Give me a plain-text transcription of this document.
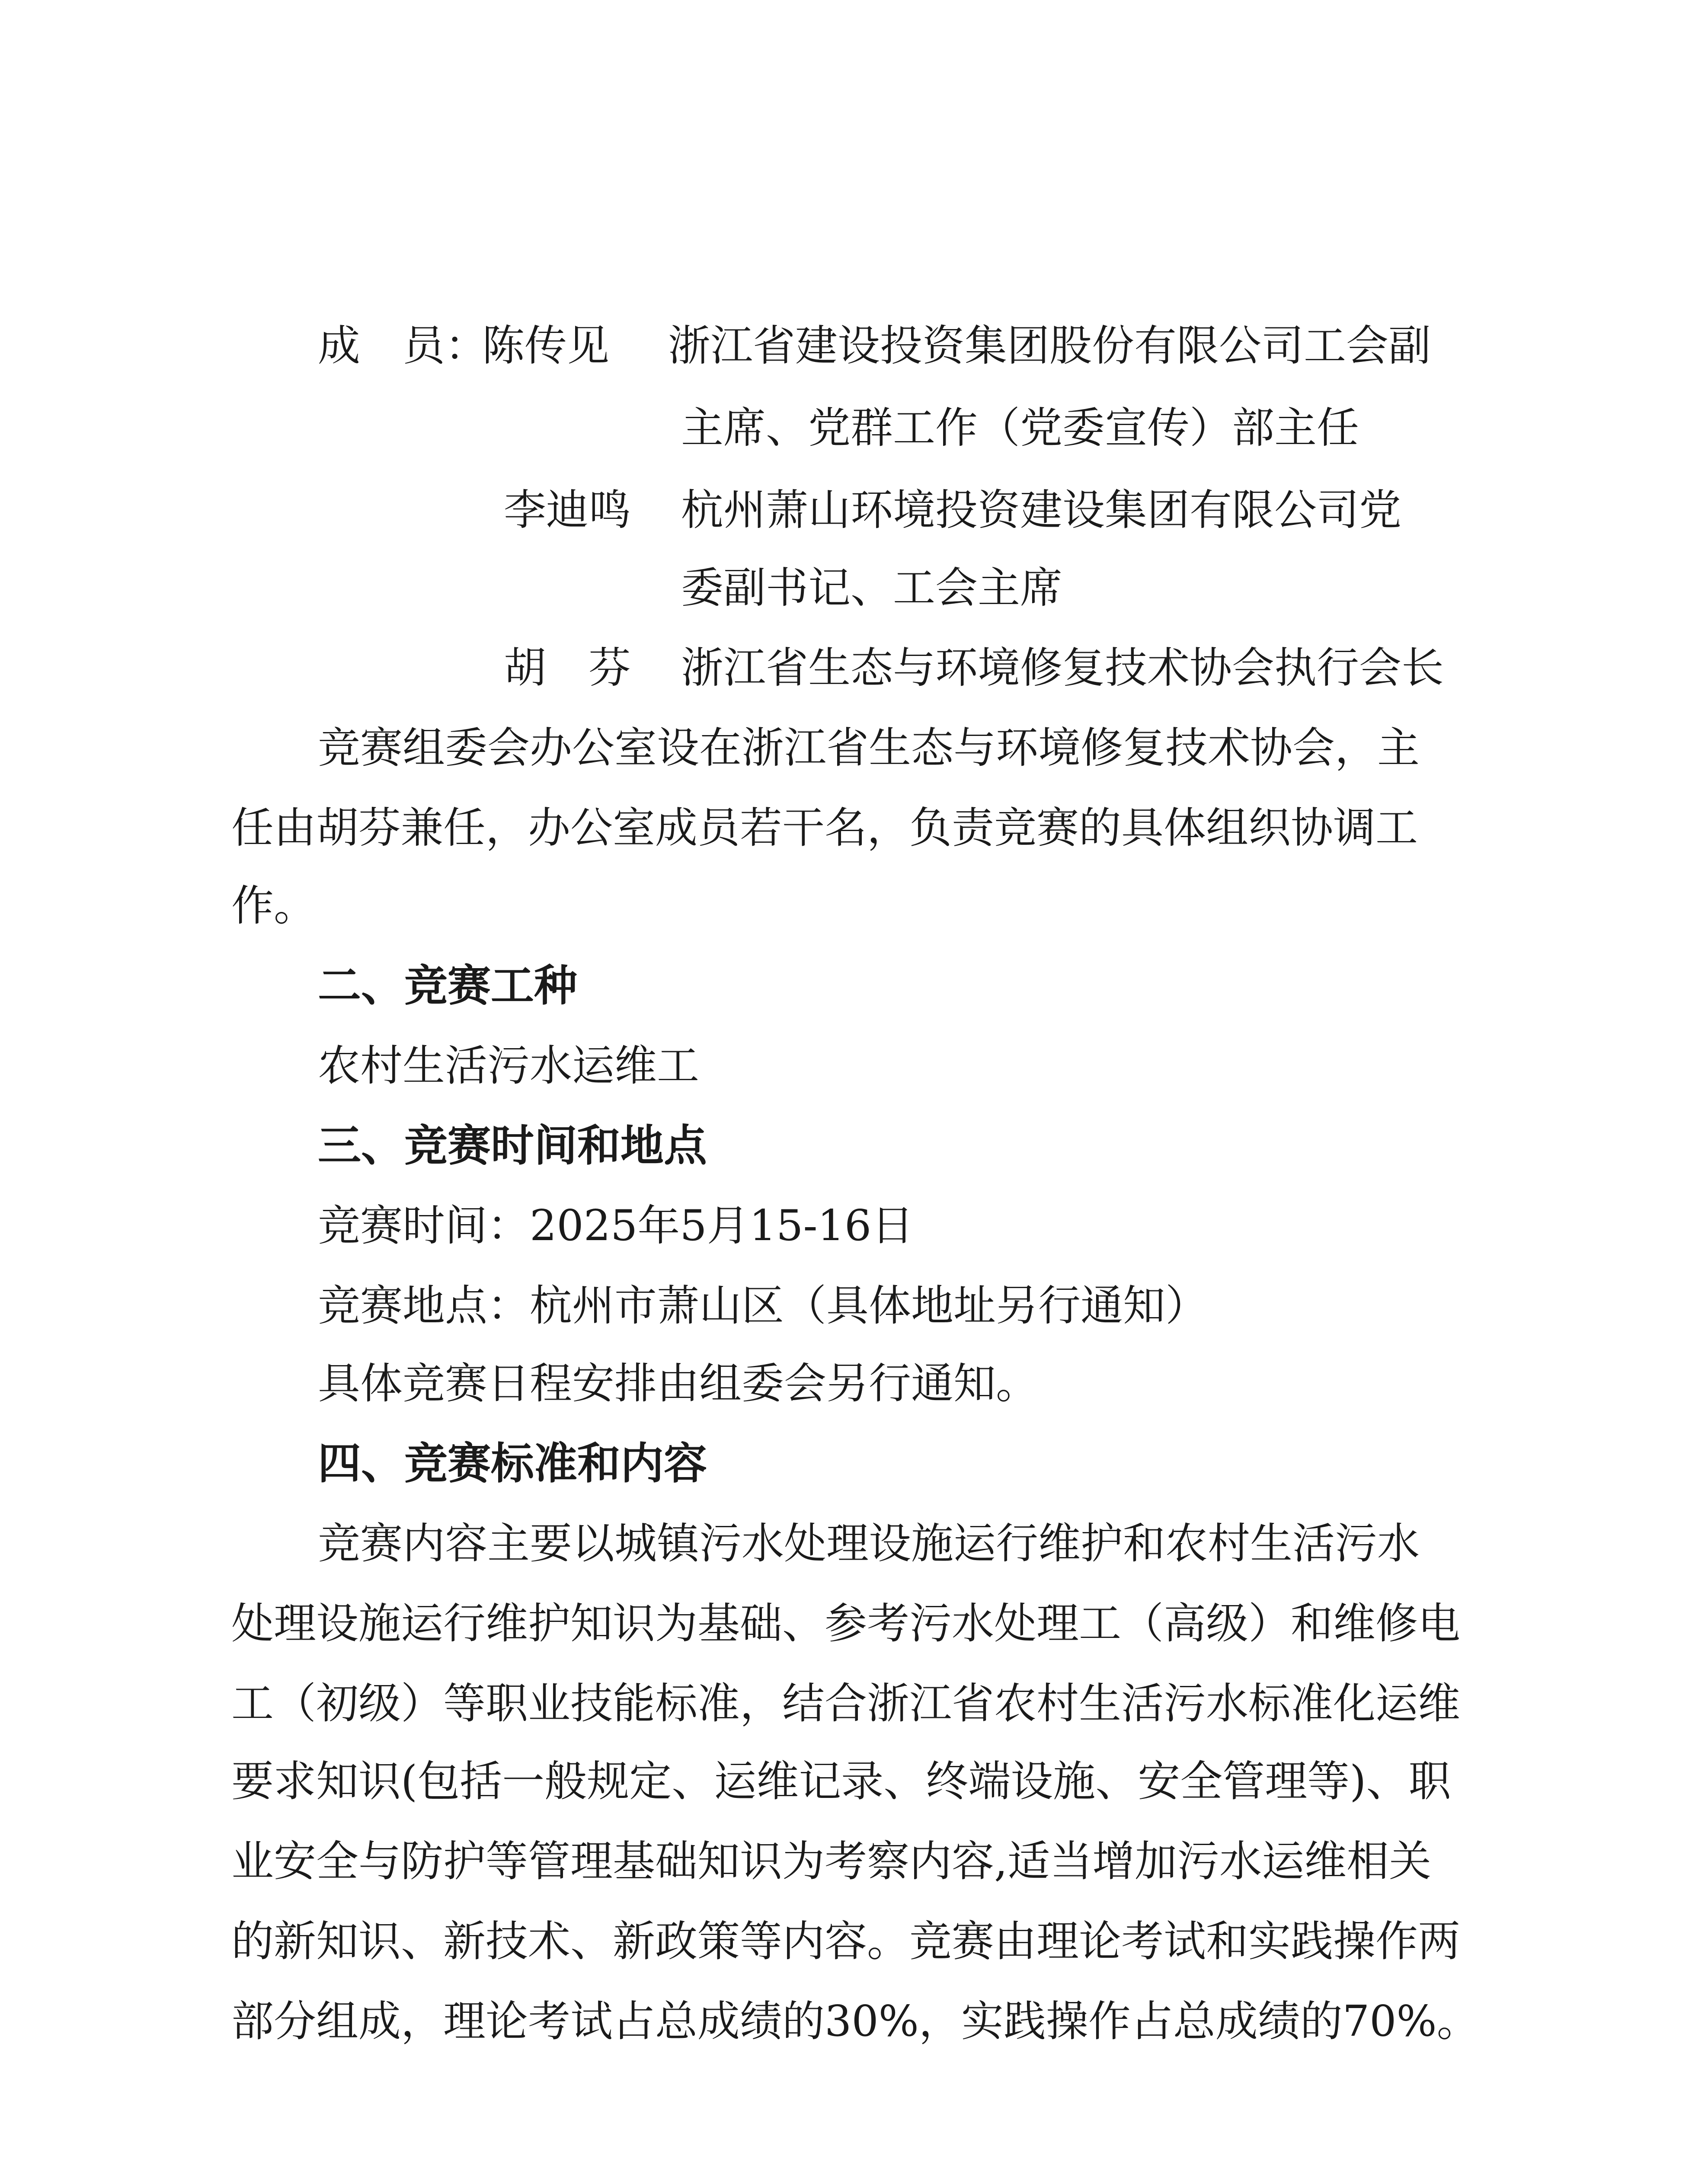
成　员：
陈传见 浙江省建设投资集团股份有限公司工会副
主席、党群工作（党委宣传）部主任
李迪鸣 杭州萧山环境投资建设集团有限公司党
委副书记、工会主席
胡　芬 浙江省生态与环境修复技术协会执行会长
竞赛组委会办公室设在浙江省生态与环境修复技术协会，主
任由胡芬兼任，办公室成员若干名，负责竞赛的具体组织协调工
作。
二、竞赛工种
农村生活污水运维工
三、竞赛时间和地点
竞赛时间：2025年5月15-16日
竞赛地点：杭州市萧山区（具体地址另行通知）
具体竞赛日程安排由组委会另行通知。
四、竞赛标准和内容
竞赛内容主要以城镇污水处理设施运行维护和农村生活污水
处理设施运行维护知识为基础、参考污水处理工（高级）和维修电
工（初级）等职业技能标准，结合浙江省农村生活污水标准化运维
要求知识(包括一般规定、运维记录、终端设施、安全管理等)、职
业安全与防护等管理基础知识为考察内容,适当增加污水运维相关
的新知识、新技术、新政策等内容。竞赛由理论考试和实践操作两
部分组成，理论考试占总成绩的30%，实践操作占总成绩的70%。
